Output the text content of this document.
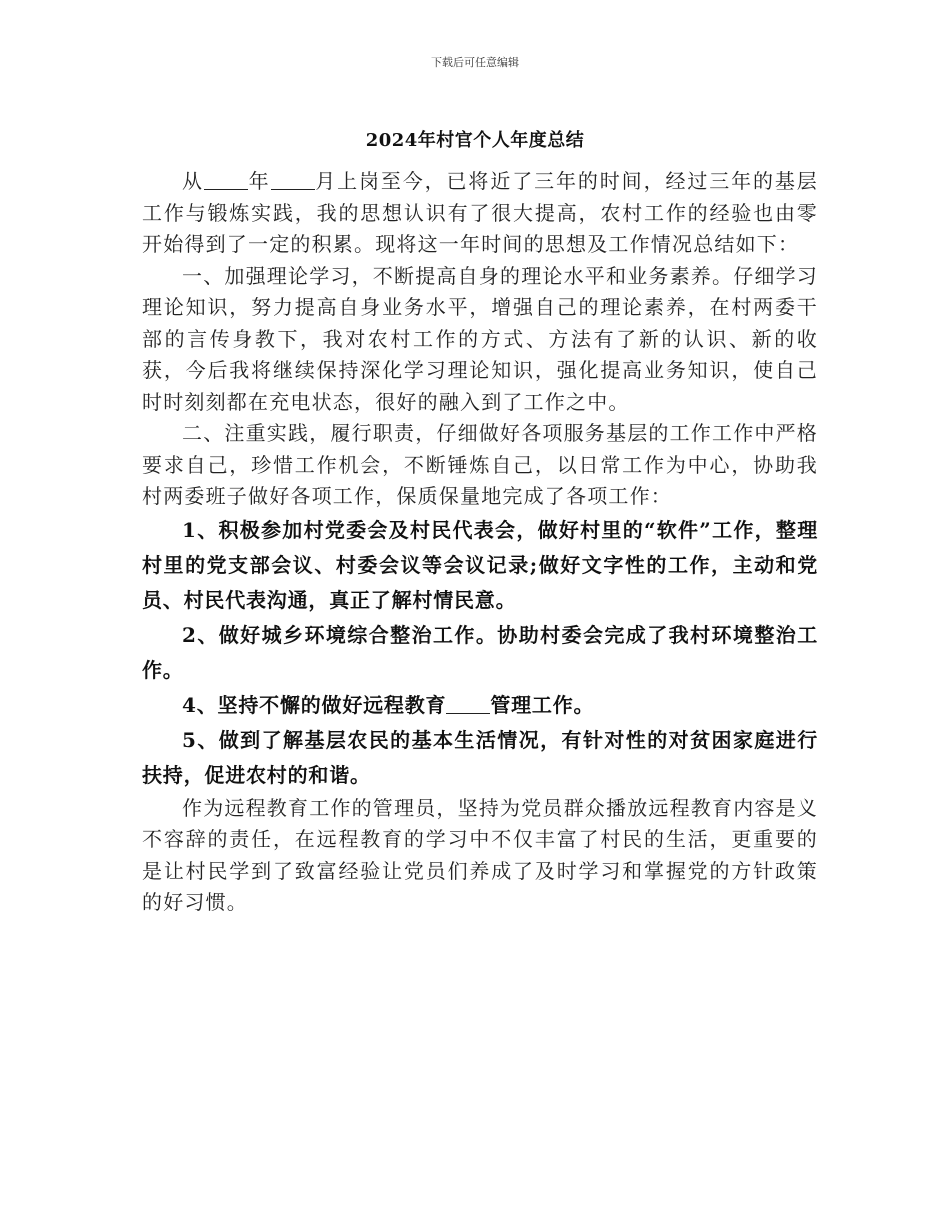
下载后可任意编辑
2024年村官个人年度总结

从 年 月上岗至今，已将近了三年的时间，经过三年的基层工作与锻炼实践，我的思想认识有了很大提高，农村工作的经验也由零开始得到了一定的积累。现将这一年时间的思想及工作情况总结如下：

一、加强理论学习，不断提高自身的理论水平和业务素养。仔细学习理论知识，努力提高自身业务水平，增强自己的理论素养，在村两委干部的言传身教下，我对农村工作的方式、方法有了新的认识、新的收获，今后我将继续保持深化学习理论知识，强化提高业务知识，使自己时时刻刻都在充电状态，很好的融入到了工作之中。

二、注重实践，履行职责，仔细做好各项服务基层的工作工作中严格要求自己，珍惜工作机会，不断锤炼自己，以日常工作为中心，协助我村两委班子做好各项工作，保质保量地完成了各项工作：

1、积极参加村党委会及村民代表会，做好村里的“软件”工作，整理村里的党支部会议、村委会议等会议记录;做好文字性的工作，主动和党员、村民代表沟通，真正了解村情民意。

2、做好城乡环境综合整治工作。协助村委会完成了我村环境整治工作。

4、坚持不懈的做好远程教育 管理工作。

5、做到了解基层农民的基本生活情况，有针对性的对贫困家庭进行扶持，促进农村的和谐。

作为远程教育工作的管理员，坚持为党员群众播放远程教育内容是义不容辞的责任，在远程教育的学习中不仅丰富了村民的生活，更重要的是让村民学到了致富经验让党员们养成了及时学习和掌握党的方针政策的好习惯。
